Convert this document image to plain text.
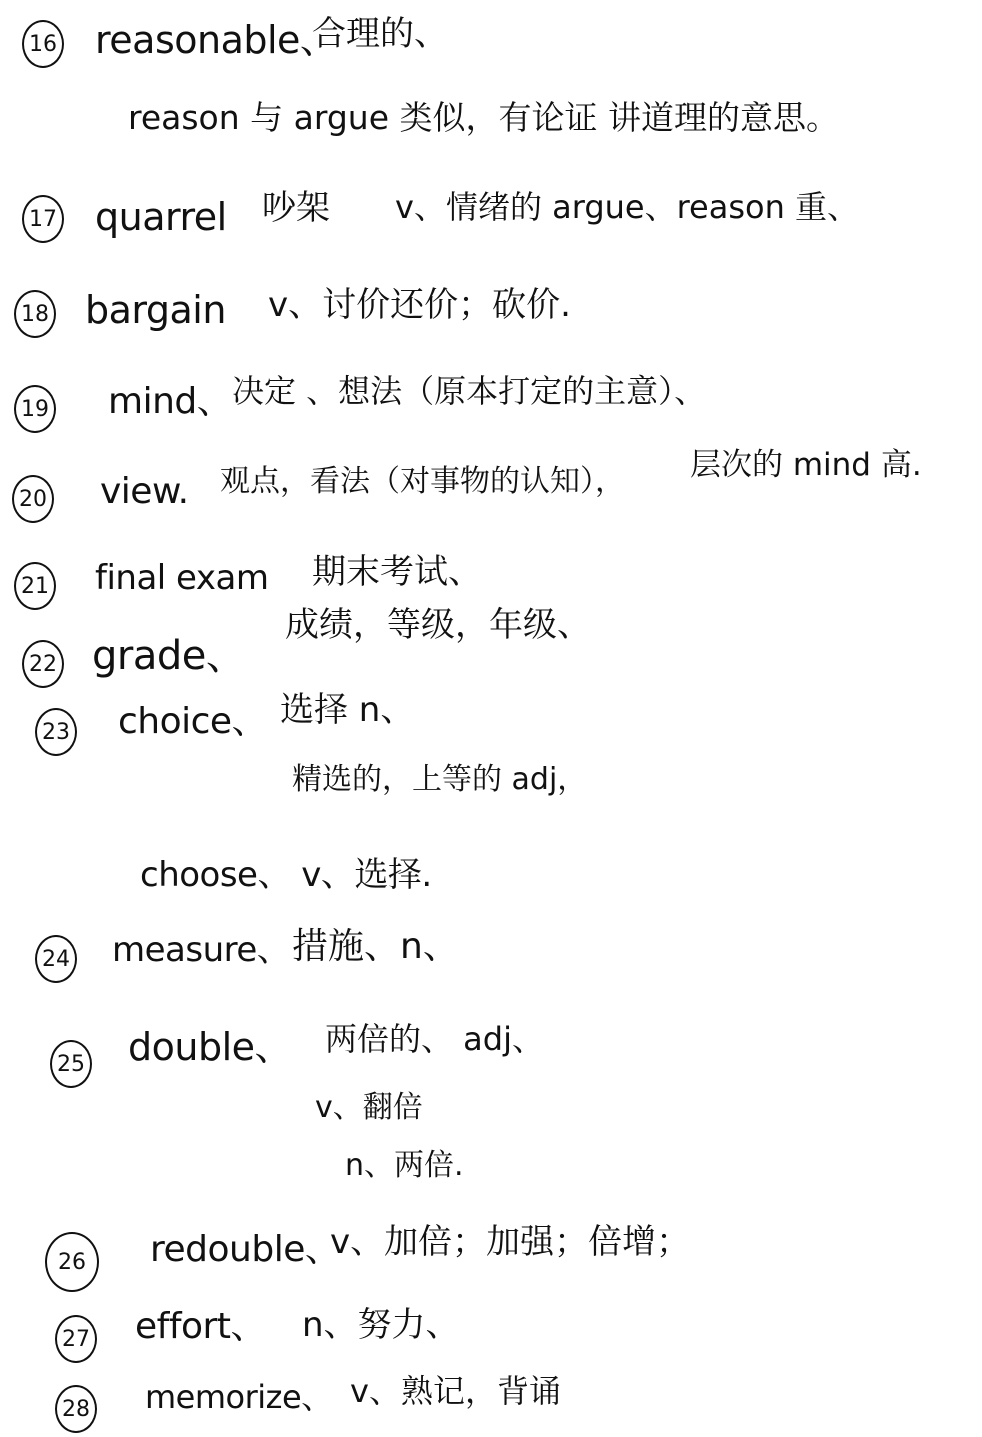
16 reasonable、
合理的、
reason 与 argue 类似，有论证 讲道理的意思。
17 quarrel 吵架 v、情绪的 argue、reason 重、
18 bargain v、讨价还价；砍价.
19 mind、 决定 、想法（原本打定的主意）、
20 view. 观点，看法（对事物的认知）， 层次的 mind 高.
21 final exam 期末考试、
22 grade、
成绩，等级，年级、
23 choice、 选择 n、
精选的，上等的 adj，
choose、 v、选择.
24 measure、 措施、n、
25 double、 两倍的、 adj、
v、翻倍
n、两倍.
26	redouble、
v、加倍；加强；倍增；
27 effort、 n、努力、
28 memorize、 v、熟记，背诵
